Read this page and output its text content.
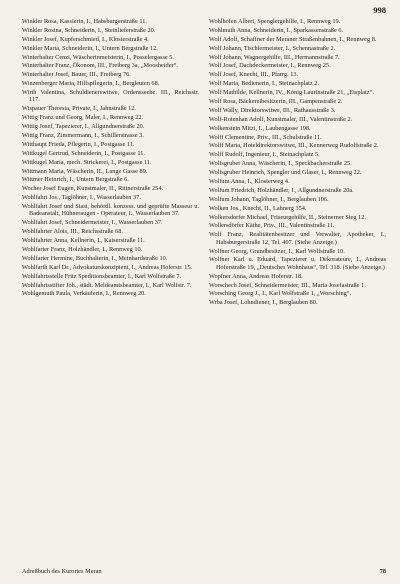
998

Winkler Rosa, Kassierin, I., Habsburgerstraße 11.

Winkler Rosina, Schneiderin, I., Steinlieferstraße 20.

Winkler Josef, Kupferschmied, I., Klosterstraße 4.

Winkler Maria, Schneiderin, I., Untern Bergstraße 12.

Winterhalter Cenzi, Wäscherinmeisterin, I., Posselergasse 5.

Winterhalter Franz, Ökonom, III., Freiberg 3a, „Moosheider“.

Winterhalter Josef, Bauer, III., Freiberg 76.

Winzenberger Maria, Hilfspflegerin, I., Bergleuten 68.

Wirth Valentina, Schuldienerswitwe, Ordensseehe. III., Reichsstr. 117.

Wispauer Theresia, Private, I., Jahnstraße 12.

Wittig Franz und Georg, Maler, I., Rennweg 22.

Wittig Josef, Tapezierer, I., Allgundnerstraße 20.

Wittig Franz, Zimmermann, I., Schillerstrasse 3.

Witthaupt Frieda, Pflegerin, I., Postgasse 11.

Wittkugel Gertrud, Schneiderin, I., Postgasse 11.

Wittkugel Maria, mech. Strickerei, I., Postgasse 11.

Wittmann Maria, Wäscherin, II., Lange Gasse 89.

Wittmer Heinrich, I., Untern Bergstraße 6.

Wocher Josef Eugen, Kunstmaler, II., Rittnerstraße 254.

Wohlfahrt Jos., Taglöhner, I., Wasserlauben 37.

Wohlfahrt Josef und Stasi, behördl. konzess. und geprüfte Masseur u. Badeanstalt, Hühneraugen - Operateur, I., Wasserlauben 37.

Wohlfahrt Josef, Schneidermeister, I., Wasserlauben 37.

Wohlfahrter Alois, III., Reichsstraße 68.

Wohlfahrter Anna, Kellnerin, I., Kaiserstraße 11.

Wohlfarter Franz, Holzhändler, I., Rennweg 10.

Wohlfarter Hermine, Buchhalterin, I., Meinhardstraße 10.

Wohlfarth Karl Dr., Advokaturskonzipient, I., Andreas Hoferstr. 15.

Wohlfahrtsstelle Fritz Speditionsbeamter, I., Karl Wolfstraße 7.

Wohlfahrtsstifter Joh., städt. Meldeamtsbeamter, I., Karl Wolfstr. 7.

Wohlgemuth Paula, Verkäuferin, I., Rennweg 20.

Wohlhofen Albert, Spenglergehilfe, I., Rennweg 19.

Wohlmuth Anna, Schneiderin, I., Sparkassenstraße 6.

Wolf Adolf, Schaffner der Meraner Straßenbahnen, I., Rennweg 8.

Wolf Johann, Tischlermeister, I., Schennastraße 2.

Wolf Johann, Wagnergehilfe, III., Hermannstraße 7.

Wolf Josef, Dachdeckermeister, I., Rennweg 25.

Wolf Josef, Knecht, III., Pfarrg. 13.

Wolf Maria, Bedienerin, I., Steinachplatz 2.

Wolf Mathilde, Kellnerin, IV., König Laurinstraße 21, „Eisplatz“.

Wolf Rosa, Bäckereibesitzerin, III., Gampenstraße 2.

Wolf Wally, Direktorswitwe, III., Rathausstraße 3.

Wolf-Rotenhan Adolf, Kunstmaler, III., Valentinstraße 2.

Wolkenstein Mitzi, I., Laubengasse 198.

Wolff Clementine, Priv., III., Schulstraße 11.

Wolff Maria, Hoteldirektorswitwe, III., Kennerweg Rudolfstraße 2.

Wolff Rudolf, Ingenieur, I., Steinachplatz 5.

Wolfsgruber Anna, Wäscherin, I., Speckbacherstraße 25.

Wolfsgruber Heinrich, Spengler und Glaser, I., Rennweg 22.

Wolfum Anna, I., Klosterweg 4.

Wolfum Friedrich, Holzhändler, I., Allgundnerstraße 20a.

Wolfum Johann, Taglöhner, I., Berglauben 106.

Wolken Jos., Knecht, II., Lahnerg 354.

Wolkersdorfer Michael, Friseurgehilfe, II., Steinerner Steg 12.

Wollersdörfer Käthe, Priv., III., Valentinstraße 11.

Wolf Franz, Realitätenbesitzer und Verwalter, Apotheker, I., Habsburgerstraße 12, Tel. 407. (Siehe Anzeige.)

Wolfner Georg, Grundbesitzer, I., Karl Wolfstraße 10.

Wolfner Karl u. Eduard, Tapezierer u. Dekorateure, I., Andreas Hoferstraße 19, „Deutsches Wohnhaus“, Tel. 318. (Siehe Anzeige.)

Wopfner Anna, Andreas Hoferstr. 18.

Worschech Josef, Schneidermeister, III., Maria Josefastraße 1.

Worsching Georg J., I., Karl Wolfstraße 1, „Worsching“.

Wrba Josef, Lohndiener, I., Berglauben 80.

Adreßbuch des Kurortes Meran	78
